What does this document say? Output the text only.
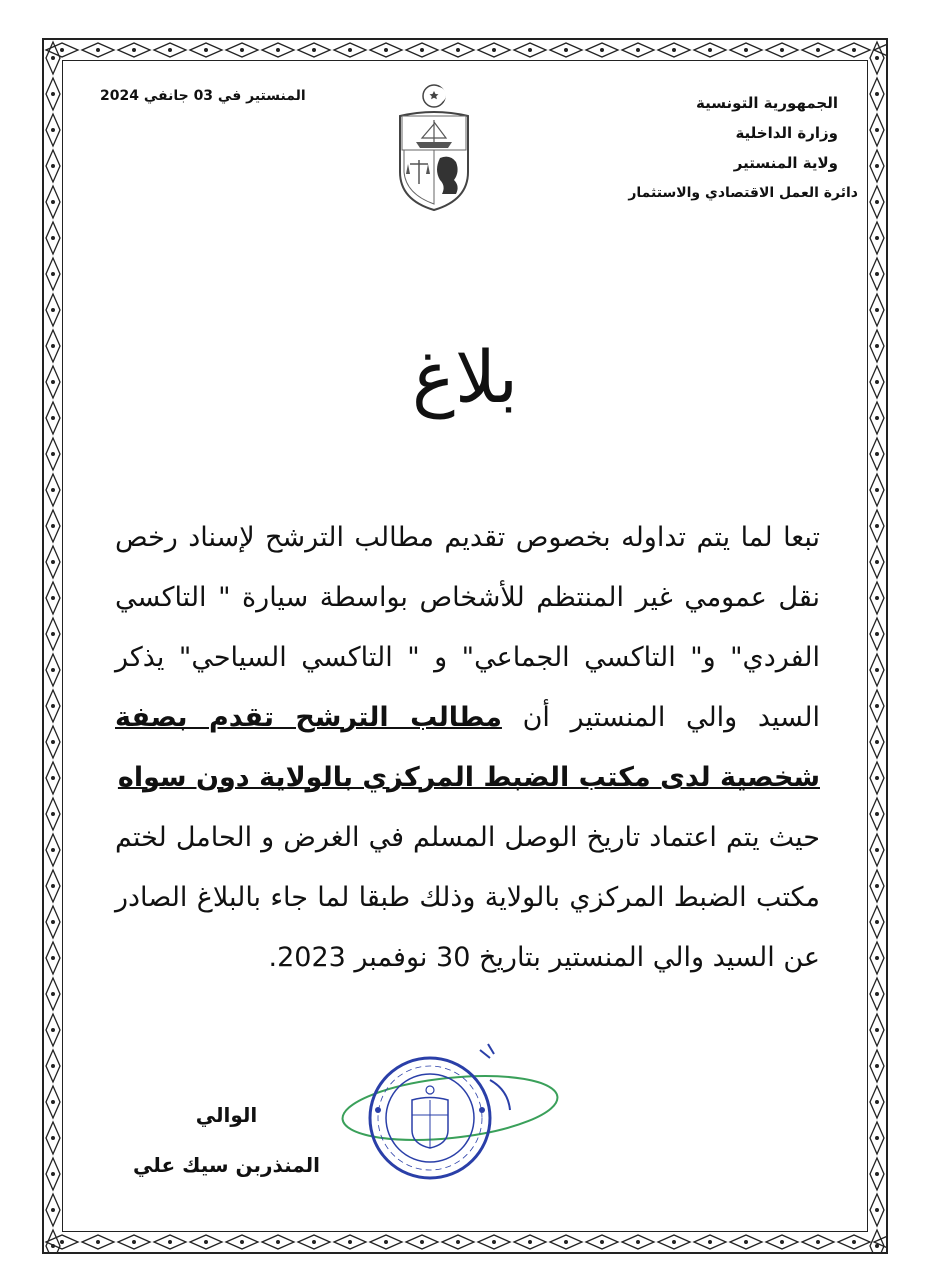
الجمهورية التونسية
وزارة الداخلية
ولاية المنستير
دائرة العمل الاقتصادي والاستثمار
المنستير في 03 جانفي 2024
بلاغ

تبعا لما يتم تداوله بخصوص تقديم مطالب الترشح لإسناد رخص نقل عمومي غير المنتظم للأشخاص بواسطة سيارة " التاكسي الفردي" و" التاكسي الجماعي" و " التاكسي السياحي" يذكر السيد والي المنستير أن مطالب الترشح تقدم بصفة شخصية لدى مكتب الضبط المركزي بالولاية دون سواه

حيث يتم اعتماد تاريخ الوصل المسلم في الغرض و الحامل لختم مكتب الضبط المركزي بالولاية وذلك طبقا لما جاء بالبلاغ الصادر عن السيد والي المنستير بتاريخ 30 نوفمبر 2023.

الوالي
المنذربن سيك علي
